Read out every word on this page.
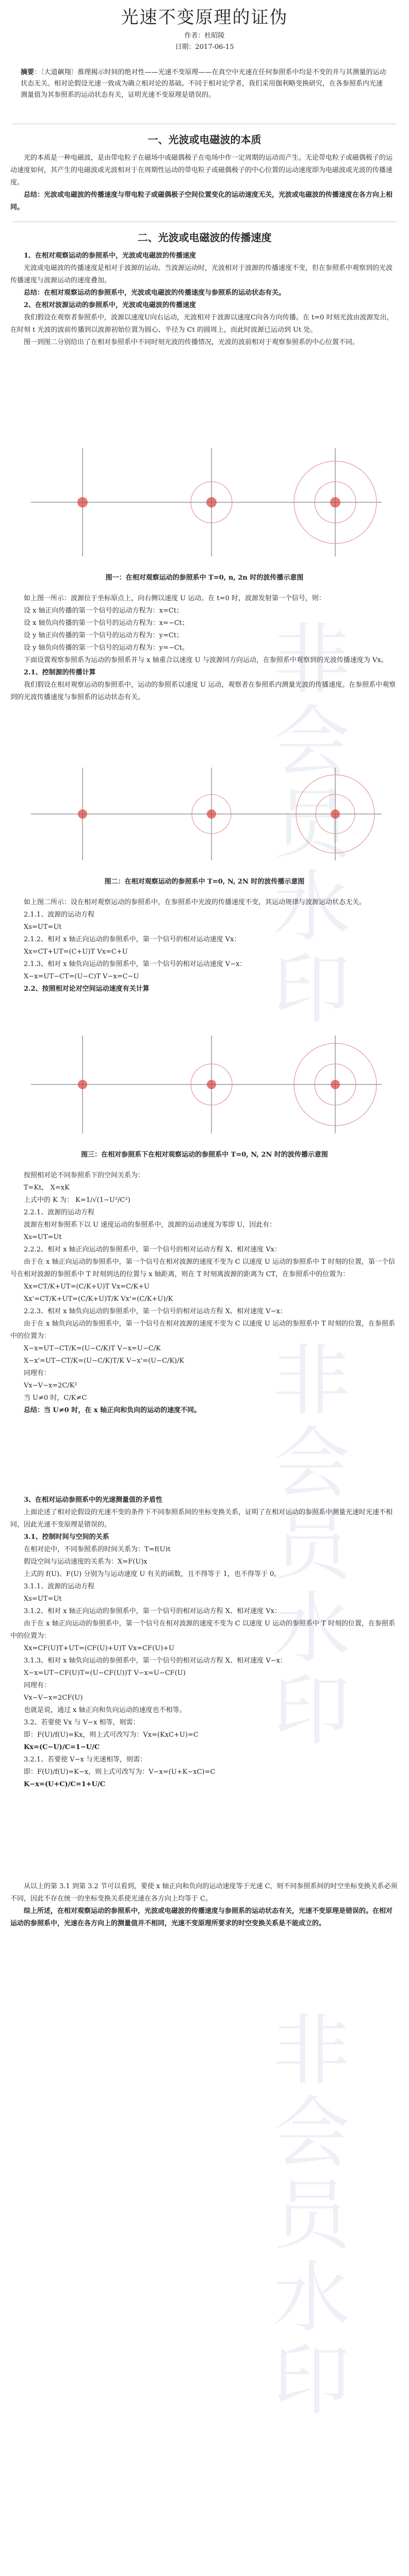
非会员水印
非会员水印
非会员水印
光速不变原理的证伪
作者：杜昭陵
日期：2017-06-15
摘要：〔大道飙翔〕推理揭示时间的绝对性——光速不变原理——在真空中光速在任何参照系中均是不变的并与其测量的运动状态无关。相对论假设光速一致成为确立相对论的基础。不同于相对论学者，我们采用伽利略变换研究，在各参照系内光速测量值为其参照系的运动状态有关，证明光速不变原理是错误的。
一、光波或电磁波的本质

光的本质是一种电磁波，是由带电粒子在磁场中或磁偶极子在电场中作一定周期的运动而产生。无论带电粒子或磁偶极子的运动速度如何，其产生的电磁波或光波相对于在周期性运动的带电粒子或磁偶极子的中心位置的运动速度即为电磁波或光波的传播速度。

总结：光波或电磁波的传播速度与带电粒子或磁偶极子空间位置变化的运动速度无关，光波或电磁波的传播速度在各方向上相同。

二、光波或电磁波的传播速度

1、在相对观察运动的参照系中，光波或电磁波的传播速度

光波或电磁波的传播速度是相对于波源的运动。当波源运动时，光波相对于波源的传播速度不变，但在参照系中观察到的光波传播速度与波源运动的速度叠加。

总结：在相对观察运动的参照系中，光波或电磁波的传播速度与参照系的运动状态有关。

2、在相对波源运动的参照系中，光波或电磁波的传播速度

我们假设在观察者参照系中，波源以速度U向右运动，光波相对于波源以速度C向各方向传播。在 t=0 时刻光波由波源发出，在时刻 t 光波的波前传播到以波源初始位置为圆心、半径为 Ct 的圆周上，而此时波源已运动到 Ut 处。

图一到图二分别给出了在相对参照系中不同时刻光波的传播情况，光波的波前相对于观察参照系的中心位置不同。

图一：在相对观察运动的参照系中 T=0, n, 2n 时的波传播示意图

如上图一所示：波源位于坐标原点上，向右侧以速度 U 运动。在 t=0 时，波源发射第一个信号，则：

设 x 轴正向传播的第一个信号的运动方程为：x=Ct；

设 x 轴负向传播的第一个信号的运动方程为：x=−Ct；

设 y 轴正向传播的第一个信号的运动方程为：y=Ct；

设 y 轴负向传播的第一个信号的运动方程为：y=−Ct。

下面设置观察参照系为运动的参照系并与 x 轴重合以速度 U 与波源同方向运动，在参照系中观察到的光波传播速度为 Vx。

2.1、控制源的传播计算

我们假设在相对观察运动的参照系中，运动的参照系以速度 U 运动，观察者在参照系内测量光波的传播速度。在参照系中观察到的光波传播速度与参照系的运动状态有关。

图二：在相对观察运动的参照系中 T=0, N, 2N 时的波传播示意图

如上图二所示：设在相对观察运动的参照系中，在参照系中光波的传播速度不变，其运动规律与波源运动状态无关。

2.1.1、波源的运动方程

Xs=UT=Ut

2.1.2、相对 x 轴正向运动的参照系中，第一个信号的相对运动速度 Vx：

Xx=CT+UT=(C+U)T Vx=C+U

2.1.3、相对 x 轴负向运动的参照系中，第一个信号的相对运动速度 V−x：

X−x=UT−CT=(U−C)T V−x=C−U

2.2、按照相对论对空间运动速度有关计算

图三：在相对参照系下在相对观察运动的参照系中 T=0, N, 2N 时的波传播示意图

按照相对论不同参照系下的空间关系为：

T=Kt， X=xK

上式中的 K 为： K=1/√(1−U²/C²)

2.2.1、波源的运动方程

波源在相对参照系下以 U 速度运动的参照系中，波源的运动速度为零即 U，因此有：

Xs=UT=Ut

2.2.2、相对 x 轴正向运动的参照系中，第一个信号的相对运动方程 X、相对速度 Vx：

由于在 x 轴正向运动的参照系中，第一个信号在相对波源的速度不变为 C 以速度 U 运动的参照系中 T 时刻的位置，第一个信号在相对波源的参照系中 T 时刻到达的位置与 x 轴距离，则在 T 时刻离波源的距离为 CT，在参照系中的位置为：

Xx=CT/K+UT=(C/K+U)T Vx=C/K+U

Xx'=CT/K+UT=(C/K+U)T/K Vx'=(C/K+U)/K

2.2.3、相对 x 轴负向运动的参照系中，第一个信号的相对运动方程 X、相对速度 V−x：

由于在 x 轴负向运动的参照系中，第一个信号在相对波源的速度不变为 C 以速度 U 运动的参照系中 T 时刻的位置，在参照系中的位置为：

X−x=UT−CT/K=(U−C/K)T V−x=U−C/K

X−x'=UT−CT/K=(U−C/K)T/K V−x'=(U−C/K)/K

同理有：

Vx−V−x=2C/K²

当 U≠0 时，C/K≠C

总结：当 U≠0 时，在 x 轴正向和负向的运动的速度不同。

3、在相对运动参照系中的光速测量值的矛盾性

上面论述了相对论假设的光速不变的条件下不同参照系间的坐标变换关系，证明了在相对运动的参照系中测量光速时光速不相同，因此光速不变原理是错误的。

3.1、控制时间与空间的关系

在相对论中，不同参照系的时间关系为：T=f(U)t

假设空间与运动速度的关系为：X=F(U)x

上式的 f(U)、F(U) 分别为与运动速度 U 有关的函数，且不得等于 1，也不得等于 0。

3.1.1、波源的运动方程

Xs=UT=Ut

3.1.2、相对 x 轴正向运动的参照系中，第一个信号的相对运动方程 X、相对速度 Vx：

由于在 x 轴正向运动的参照系中，第一个信号在相对波源的速度不变为 C 以速度 U 运动的参照系中 T 时刻的位置，在参照系中的位置为：

Xx=CF(U)T+UT=(CF(U)+U)T Vx=CF(U)+U

3.1.3、相对 x 轴负向运动的参照系中，第一个信号的相对运动方程 X、相对速度 V−x：

X−x=UT−CF(U)T=(U−CF(U))T V−x=U−CF(U)

同理有：

Vx−V−x=2CF(U)

也就是说，通过 x 轴正向和负向运动的速度也不相等。

3.2、若要使 Vx 与 V−x 相等，则需：

即：F(U)/f(U)=Kx，则上式可改写为：Vx=(KxC+U)=C

Kx=(C−U)/C=1−U/C

3.2.1、若要使 V−x 与光速相等，则需：

即：F(U)/f(U)=K−x，则上式可改写为：V−x=(U+K−xC)=C

K−x=(U+C)/C=1+U/C

从以上的第 3.1 到第 3.2 节可以看到，要使 x 轴正向和负向的运动速度等于光速 C，则不同参照系间的时空坐标变换关系必须不同，因此不存在统一的坐标变换关系使光速在各方向上均等于 C。

综上所述，在相对观察运动的参照系中，光波或电磁波的传播速度与参照系的运动状态有关，光速不变原理是错误的。在相对运动的参照系中，光速在各方向上的测量值并不相同，光速不变原理所要求的时空变换关系是不能成立的。
